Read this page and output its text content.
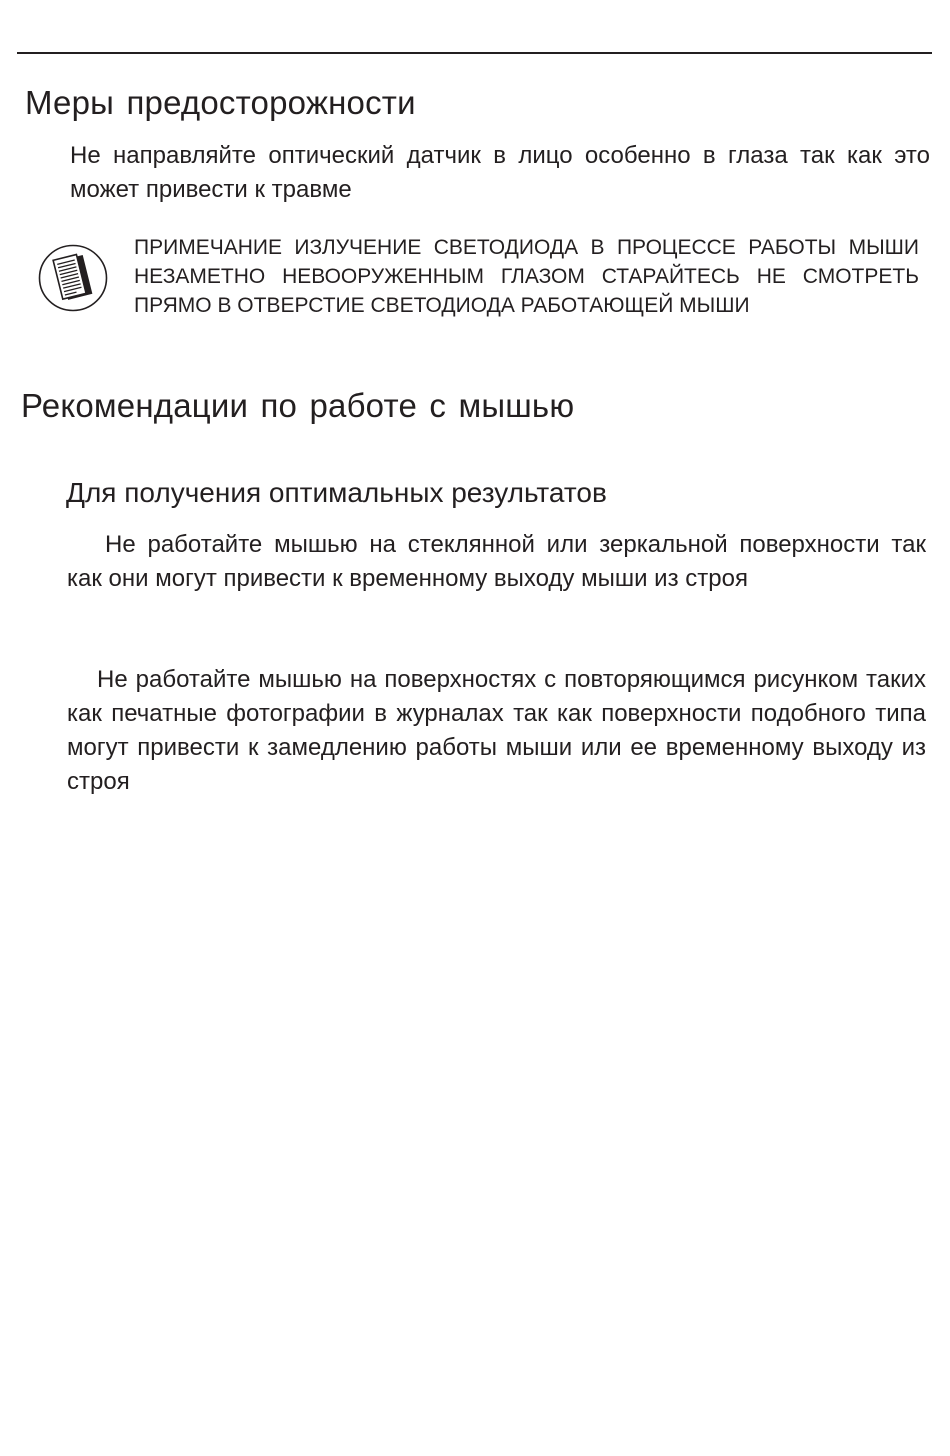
Меры предосторожности
Не направляйте оптический датчик в лицо особенно в глаза так как это может привести к травме
ПРИМЕЧАНИЕ ИЗЛУЧЕНИЕ СВЕТОДИОДА В ПРОЦЕССЕ РАБОТЫ МЫШИ НЕЗАМЕТНО НЕВООРУЖЕННЫМ ГЛАЗОМ СТАРАЙТЕСЬ НЕ СМОТРЕТЬ ПРЯМО В ОТВЕРСТИЕ СВЕТОДИОДА РАБОТАЮЩЕЙ МЫШИ
Рекомендации по работе с мышью
Для получения оптимальных результатов
Не работайте мышью на стеклянной или зеркальной поверхности так как они могут привести к временному выходу мыши из строя
Не работайте мышью на поверхностях с повторяющимся рисунком таких как печатные фотографии в журналах так как поверхности подобного типа могут привести к замедлению работы мыши или ее временному выходу из строя
